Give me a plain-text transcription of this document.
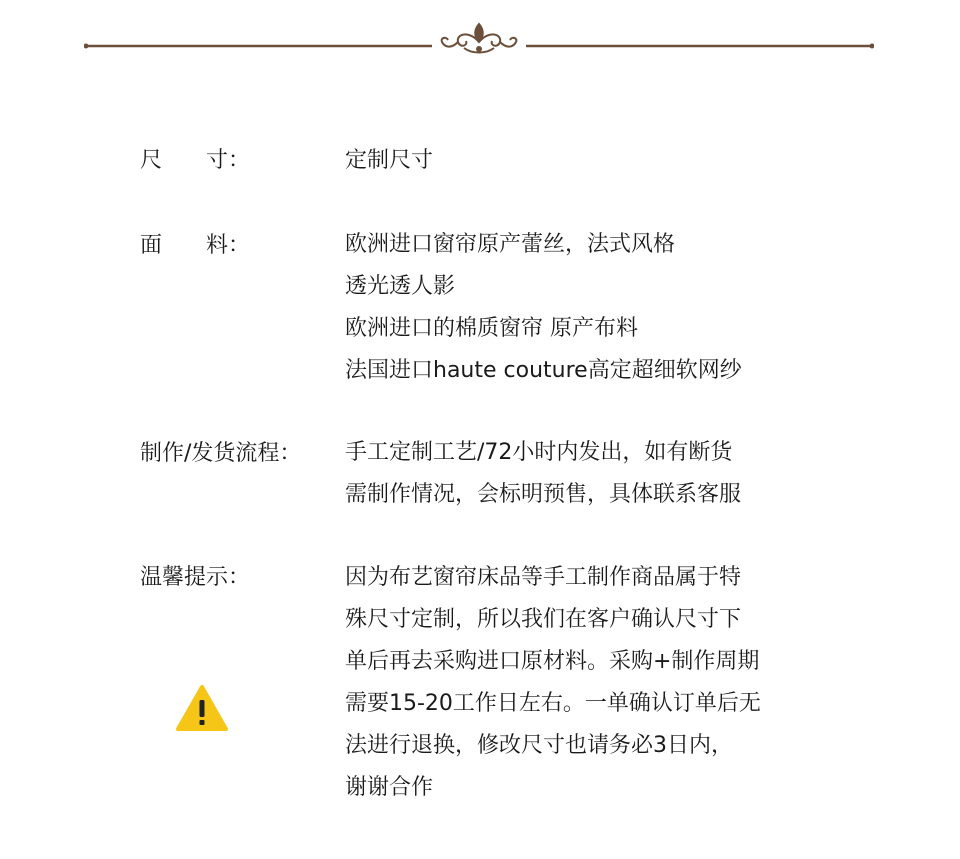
尺　　寸：	定制尺寸
面　　料：	欧洲进口窗帘原产蕾丝，法式风格
透光透人影
欧洲进口的棉质窗帘 原产布料
法国进口haute couture高定超细软网纱
制作/发货流程： 手工定制工艺/72小时内发出，如有断货
需制作情况，会标明预售，具体联系客服
温馨提示：	因为布艺窗帘床品等手工制作商品属于特
殊尺寸定制，所以我们在客户确认尺寸下
单后再去采购进口原材料。采购+制作周期
需要15-20工作日左右。一单确认订单后无
法进行退换，修改尺寸也请务必3日内，
谢谢合作
